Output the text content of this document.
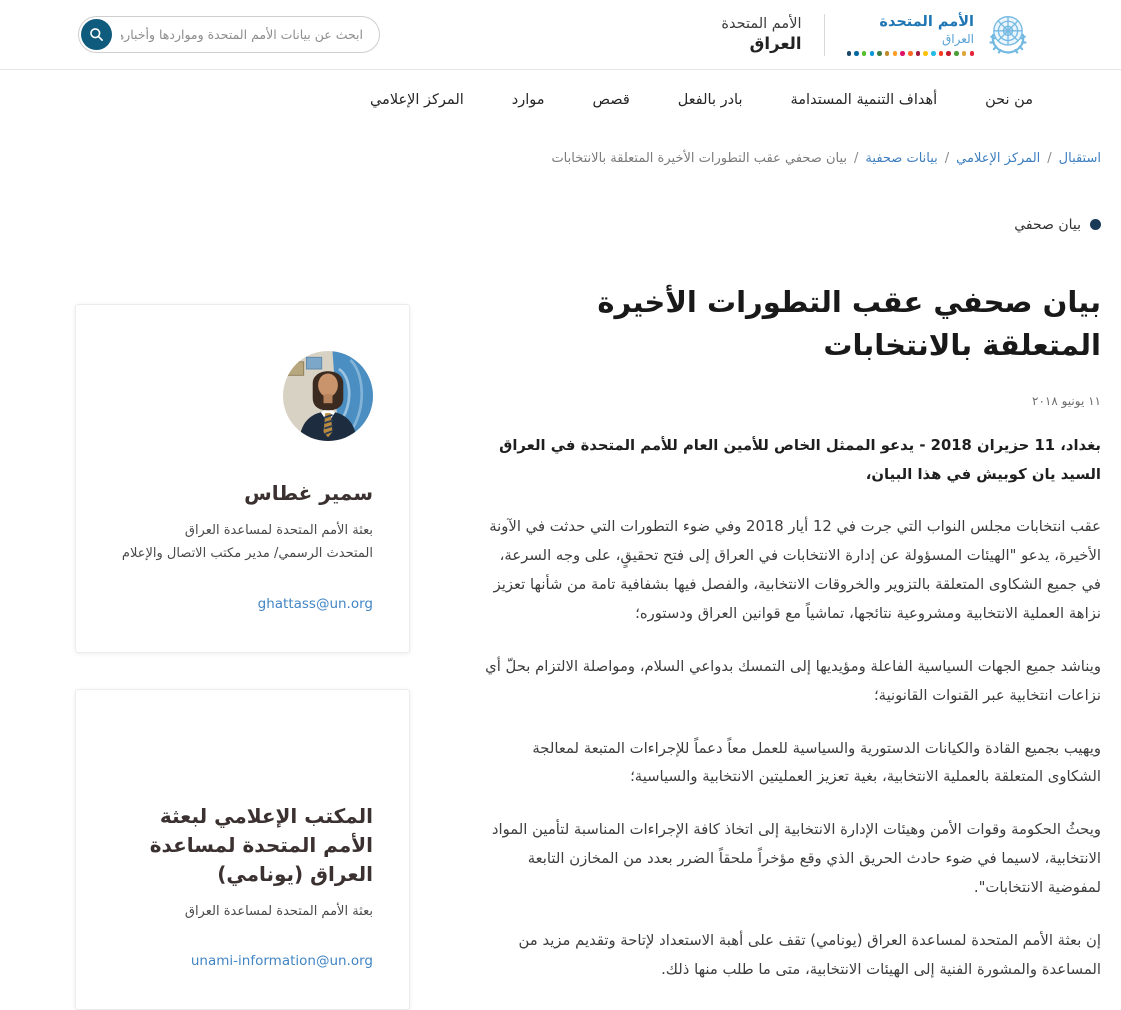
الأمم المتحدة
العراق
الأمم المتحدة
العراق
ابحث عن بيانات الأمم المتحدة ومواردها وأخبارها والمزيد
من نحن
أهداف التنمية المستدامة
بادر بالفعل
قصص
موارد
المركز الإعلامي
استقبال/المركز الإعلامي/بيانات صحفية/بيان صحفي عقب التطورات الأخيرة المتعلقة بالانتخابات
بيان صحفي
بيان صحفي عقب التطورات الأخيرة المتعلقة بالانتخابات
١١ يونيو ٢٠١٨

بغداد، 11 حزيران 2018 - يدعو الممثل الخاص للأمين العام للأمم المتحدة في العراق السيد يان كوبيش في هذا البيان،

عقب انتخابات مجلس النواب التي جرت في 12 أيار 2018 وفي ضوء التطورات التي حدثت في الآونة الأخيرة، يدعو "الهيئات المسؤولة عن إدارة الانتخابات في العراق إلى فتح تحقيقٍ، على وجه السرعة، في جميع الشكاوى المتعلقة بالتزوير والخروقات الانتخابية، والفصل فيها بشفافية تامة من شأنها تعزيز نزاهة العملية الانتخابية ومشروعية نتائجها، تماشياً مع قوانين العراق ودستوره؛

ويناشد جميع الجهات السياسية الفاعلة ومؤيديها إلى التمسك بدواعي السلام، ومواصلة الالتزام بحلّ أي نزاعات انتخابية عبر القنوات القانونية؛

ويهيب بجميع القادة والكيانات الدستورية والسياسية للعمل معاً دعماً للإجراءات المتبعة لمعالجة الشكاوى المتعلقة بالعملية الانتخابية، بغية تعزيز العمليتين الانتخابية والسياسية؛

ويحثُ الحكومة وقوات الأمن وهيئات الإدارة الانتخابية إلى اتخاذ كافة الإجراءات المناسبة لتأمين المواد الانتخابية، لاسيما في ضوء حادث الحريق الذي وقع مؤخراً ملحقاً الضرر بعدد من المخازن التابعة لمفوضية الانتخابات".

إن بعثة الأمم المتحدة لمساعدة العراق (يونامي) تقف على أهبة الاستعداد لإتاحة وتقديم مزيد من المساعدة والمشورة الفنية إلى الهيئات الانتخابية، متى ما طلب منها ذلك.

سمير غطاس
بعثة الأمم المتحدة لمساعدة العراق
المتحدث الرسمي/ مدير مكتب الاتصال والإعلام
ghattass@un.org
المكتب الإعلامي لبعثة الأمم المتحدة لمساعدة العراق (يونامي)
بعثة الأمم المتحدة لمساعدة العراق
unami-information@un.org
